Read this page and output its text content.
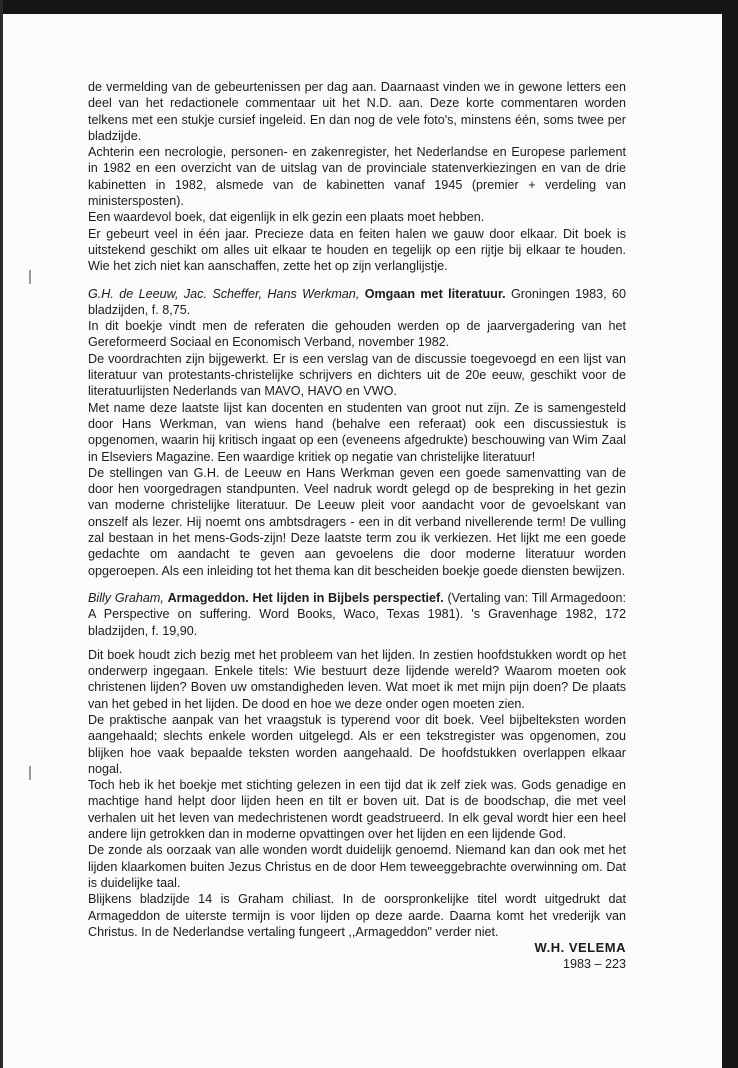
de vermelding van de gebeurtenissen per dag aan. Daarnaast vinden we in gewone letters een deel van het redactionele commentaar uit het N.D. aan. Deze korte commentaren worden telkens met een stukje cursief ingeleid. En dan nog de vele foto's, minstens één, soms twee per bladzijde.

Achterin een necrologie, personen- en zakenregister, het Nederlandse en Europese parlement in 1982 en een overzicht van de uitslag van de provinciale statenverkiezingen en van de drie kabinetten in 1982, alsmede van de kabinetten vanaf 1945 (premier + verdeling van ministersposten).

Een waardevol boek, dat eigenlijk in elk gezin een plaats moet hebben.

Er gebeurt veel in één jaar. Precieze data en feiten halen we gauw door elkaar. Dit boek is uitstekend geschikt om alles uit elkaar te houden en tegelijk op een rijtje bij elkaar te houden. Wie het zich niet kan aanschaffen, zette het op zijn verlanglijstje.

G.H. de Leeuw, Jac. Scheffer, Hans Werkman, Omgaan met literatuur. Groningen 1983, 60 bladzijden, f. 8,75.

In dit boekje vindt men de referaten die gehouden werden op de jaarvergadering van het Gereformeerd Sociaal en Economisch Verband, november 1982.

De voordrachten zijn bijgewerkt. Er is een verslag van de discussie toegevoegd en een lijst van literatuur van protestants-christelijke schrijvers en dichters uit de 20e eeuw, geschikt voor de literatuurlijsten Nederlands van MAVO, HAVO en VWO.

Met name deze laatste lijst kan docenten en studenten van groot nut zijn. Ze is samengesteld door Hans Werkman, van wiens hand (behalve een referaat) ook een discussiestuk is opgenomen, waarin hij kritisch ingaat op een (eveneens afgedrukte) beschouwing van Wim Zaal in Elseviers Magazine. Een waardige kritiek op negatie van christelijke literatuur!

De stellingen van G.H. de Leeuw en Hans Werkman geven een goede samenvatting van de door hen voorgedragen standpunten. Veel nadruk wordt gelegd op de bespreking in het gezin van moderne christelijke literatuur. De Leeuw pleit voor aandacht voor de gevoelskant van onszelf als lezer. Hij noemt ons ambtsdragers - een in dit verband nivellerende term! De vulling zal bestaan in het mens-Gods-zijn! Deze laatste term zou ik verkiezen. Het lijkt me een goede gedachte om aandacht te geven aan gevoelens die door moderne literatuur worden opgeroepen. Als een inleiding tot het thema kan dit bescheiden boekje goede diensten bewijzen.

Billy Graham, Armageddon. Het lijden in Bijbels perspectief. (Vertaling van: Till Armagedoon: A Perspective on suffering. Word Books, Waco, Texas 1981). 's Gravenhage 1982, 172 bladzijden, f. 19,90.

Dit boek houdt zich bezig met het probleem van het lijden. In zestien hoofdstukken wordt op het onderwerp ingegaan. Enkele titels: Wie bestuurt deze lijdende wereld? Waarom moeten ook christenen lijden? Boven uw omstandigheden leven. Wat moet ik met mijn pijn doen? De plaats van het gebed in het lijden. De dood en hoe we deze onder ogen moeten zien.

De praktische aanpak van het vraagstuk is typerend voor dit boek. Veel bijbelteksten worden aangehaald; slechts enkele worden uitgelegd. Als er een tekstregister was opgenomen, zou blijken hoe vaak bepaalde teksten worden aangehaald. De hoofdstukken overlappen elkaar nogal.

Toch heb ik het boekje met stichting gelezen in een tijd dat ik zelf ziek was. Gods genadige en machtige hand helpt door lijden heen en tilt er boven uit. Dat is de boodschap, die met veel verhalen uit het leven van medechristenen wordt geadstrueerd. In elk geval wordt hier een heel andere lijn getrokken dan in moderne opvattingen over het lijden en een lijdende God.

De zonde als oorzaak van alle wonden wordt duidelijk genoemd. Niemand kan dan ook met het lijden klaarkomen buiten Jezus Christus en de door Hem teweeggebrachte overwinning om. Dat is duidelijke taal.

Blijkens bladzijde 14 is Graham chiliast. In de oorspronkelijke titel wordt uitgedrukt dat Armageddon de uiterste termijn is voor lijden op deze aarde. Daarna komt het vrederijk van Christus. In de Nederlandse vertaling fungeert ,,Armageddon" verder niet.

W.H. VELEMA

1983 – 223
